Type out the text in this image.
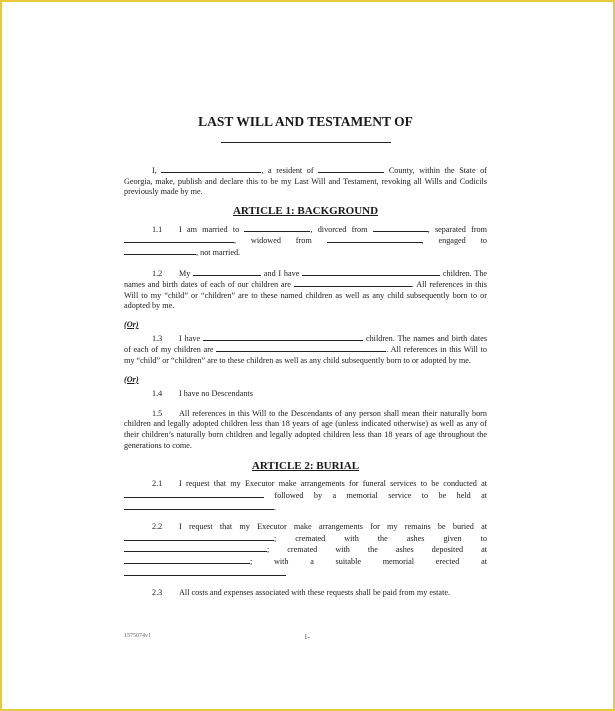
LAST WILL AND TESTAMENT OF

I,	, a resident of	County, within the State of Georgia, make, publish and declare this to be my Last Will and Testament, revoking all Wills and Codicils previously made by me.

ARTICLE 1: BACKGROUND

1.1 I am married to	, divorced from	, separated from , widowed from	, engaged to , not married.

1.2 My	and I have	children. The names and birth dates of each of our children are	. All references in this Will to my “child” or “children” are to these named children as well as any child subsequently born to or adopted by me.

(Or)

1.3 I have	children. The names and birth dates of each of my children are	. All references in this Will to my “child” or “children” are to these children as well as any child subsequently born to or adopted by me.

(Or)

1.4 I have no Descendants

1.5 All references in this Will to the Descendants of any person shall mean their naturally born children and legally adopted children less than 18 years of age (unless indicated otherwise) as well as any of their children’s naturally born children and legally adopted children less than 18 years of age throughout the generations to come.

ARTICLE 2: BURIAL

2.1 I request that my Executor make arrangements for funeral services to be conducted at  followed by a memorial service to be held at .

2.2 I request that my Executor make arrangements for my remains be buried at ; cremated with the ashes given to ; cremated with the ashes deposited at ; with a suitable memorial erected at

2.3 All costs and expenses associated with these requests shall be paid from my estate.

1575074v1	1-
